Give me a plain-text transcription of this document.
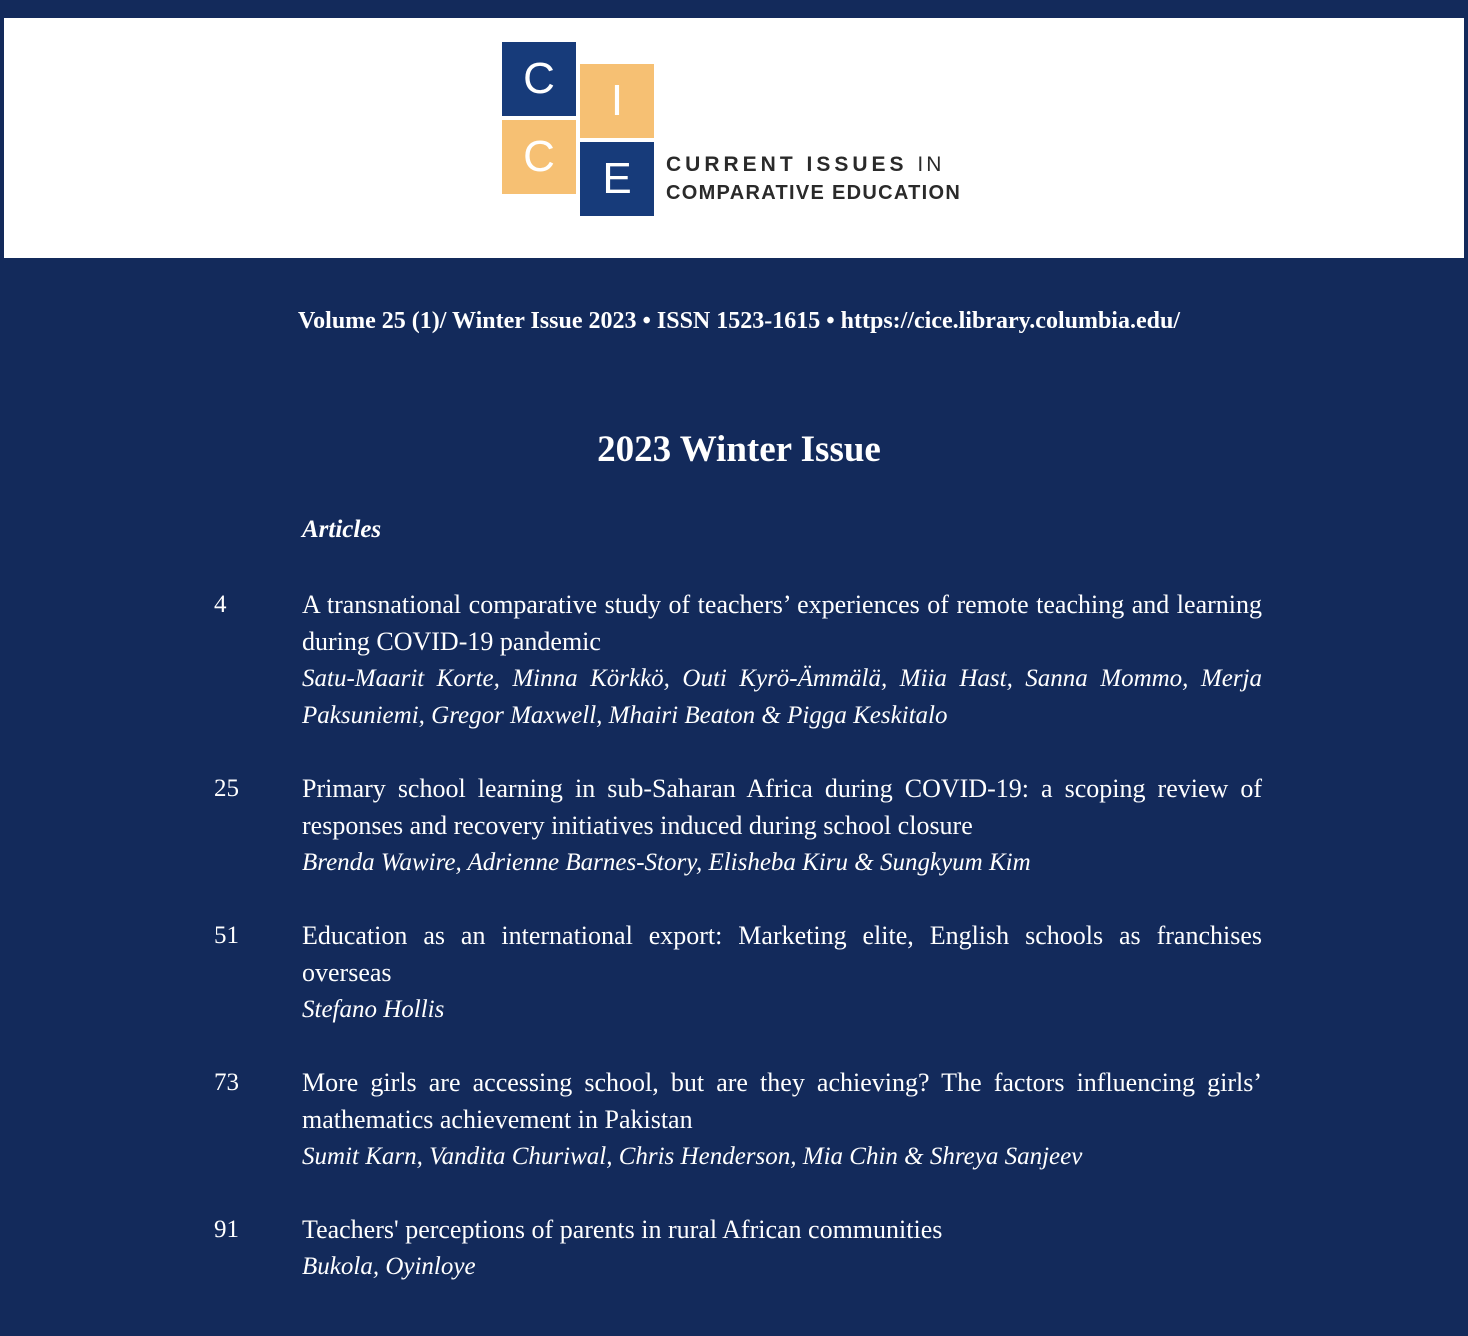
C	I
C	E	CURRENT ISSUES IN
COMPARATIVE EDUCATION
Volume 25 (1)/ Winter Issue 2023 • ISSN 1523-1615 • https://cice.library.columbia.edu/
2023 Winter Issue
Articles
4	A transnational comparative study of teachers’ experiences of remote teaching and learning during COVID-19 pandemic
Satu-Maarit Korte, Minna Körkkö, Outi Kyrö-Ämmälä, Miia Hast, Sanna Mommo, Merja Paksuniemi, Gregor Maxwell, Mhairi Beaton & Pigga Keskitalo
25	Primary school learning in sub-Saharan Africa during COVID-19: a scoping review of responses and recovery initiatives induced during school closure
Brenda Wawire, Adrienne Barnes-Story, Elisheba Kiru & Sungkyum Kim
51	Education as an international export: Marketing elite, English schools as franchises overseas
Stefano Hollis
73	More girls are accessing school, but are they achieving? The factors influencing girls’ mathematics achievement in Pakistan
Sumit Karn, Vandita Churiwal, Chris Henderson, Mia Chin & Shreya Sanjeev
91	Teachers' perceptions of parents in rural African communities
Bukola, Oyinloye
